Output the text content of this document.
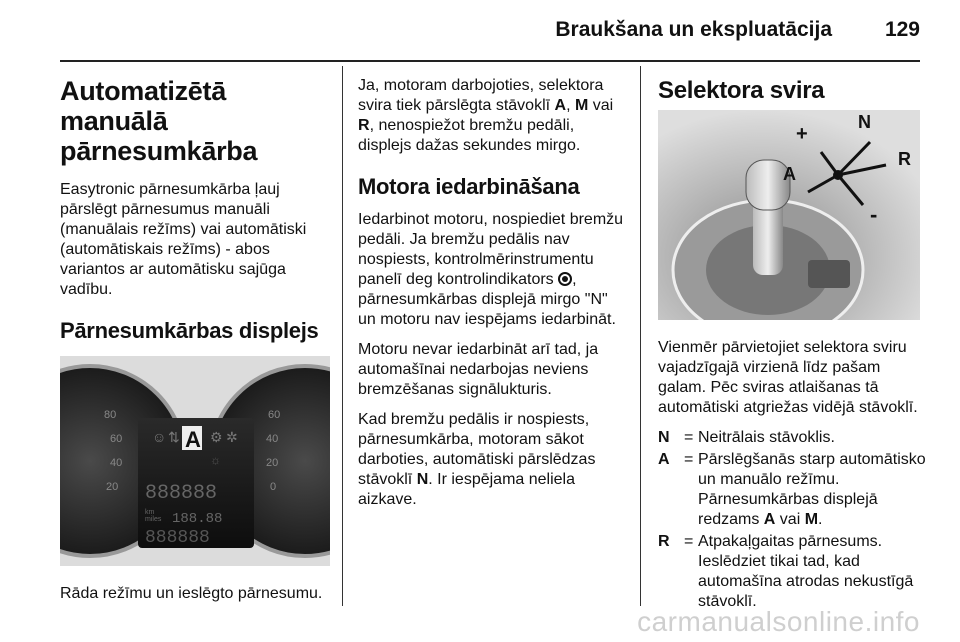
Braukšana un ekspluatācija	129
Automatizētā manuālā
pārnesumkārba

Easytronic pārnesumkārba ļauj pārslēgt pārnesumus manuāli (manuālais režīms) vai automātiski (automātiskais režīms) - abos variantos ar automātisku sajūga vadību.

Pārnesumkārbas displejs
80
60
40
20
60
40
20
0
☺ ⇅ A ⚙ ✲
☼
888888
km
miles 188.88
888888

Rāda režīmu un ieslēgto pārnesumu.

Ja, motoram darbojoties, selektora svira tiek pārslēgta stāvoklī A, M vai R, nenospiežot bremžu pedāli, displejs dažas sekundes mirgo.

Motora iedarbināšana

Iedarbinot motoru, nospiediet bremžu pedāli. Ja bremžu pedālis nav nospiests, kontrolmērinstrumentu panelī deg kontrolindikators
, pārnesumkārbas displejā mirgo "N" un motoru nav iespējams iedarbināt.

Motoru nevar iedarbināt arī tad, ja automašīnai nedarbojas neviens bremzēšanas signālukturis.

Kad bremžu pedālis ir nospiests, pārnesumkārba, motoram sākot darboties, automātiski pārslēdzas stāvoklī N. Ir iespējama neliela aizkave.

Selektora svira
+
N
R
A
-

Vienmēr pārvietojiet selektora sviru vajadzīgajā virzienā līdz pašam galam. Pēc sviras atlaišanas tā automātiski atgriežas vidējā stāvoklī.

N = Neitrālais stāvoklis.
A = Pārslēgšanās starp automātisko un manuālo režīmu. Pārnesumkārbas displejā redzams A vai M.
R = Atpakaļgaitas pārnesums. Ieslēdziet tikai tad, kad automašīna atrodas nekustīgā stāvoklī.
carmanualsonline.info
